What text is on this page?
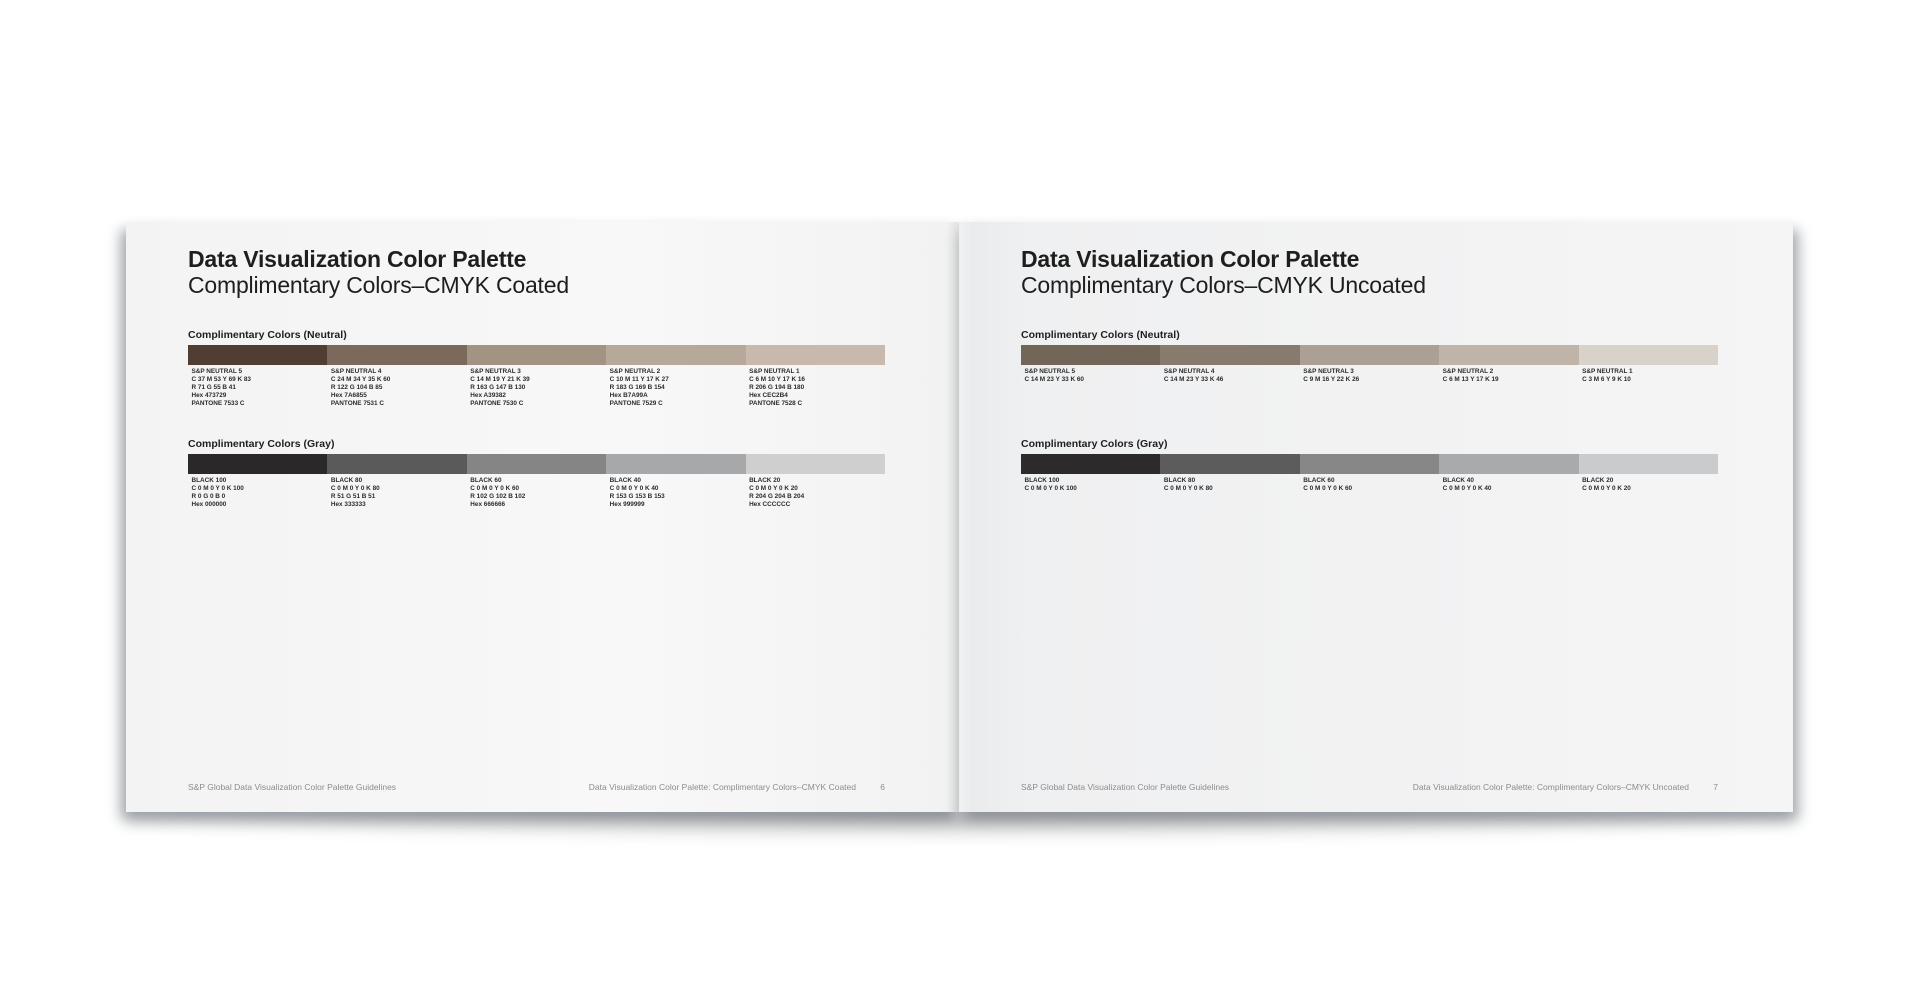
Data Visualization Color Palette
Complimentary Colors–CMYK Coated
Complimentary Colors (Neutral)
S&P NEUTRAL 5
C 37 M 53 Y 69 K 83
R 71 G 55 B 41
Hex 473729
PANTONE 7533 C
S&P NEUTRAL 4
C 24 M 34 Y 35 K 60
R 122 G 104 B 85
Hex 7A6855
PANTONE 7531 C
S&P NEUTRAL 3
C 14 M 19 Y 21 K 39
R 163 G 147 B 130
Hex A39382
PANTONE 7530 C
S&P NEUTRAL 2
C 10 M 11 Y 17 K 27
R 183 G 169 B 154
Hex B7A99A
PANTONE 7529 C
S&P NEUTRAL 1
C 6 M 10 Y 17 K 16
R 206 G 194 B 180
Hex CEC2B4
PANTONE 7528 C
Complimentary Colors (Gray)
BLACK 100
C 0 M 0 Y 0 K 100
R 0 G 0 B 0
Hex 000000
BLACK 80
C 0 M 0 Y 0 K 80
R 51 G 51 B 51
Hex 333333
BLACK 60
C 0 M 0 Y 0 K 60
R 102 G 102 B 102
Hex 666666
BLACK 40
C 0 M 0 Y 0 K 40
R 153 G 153 B 153
Hex 999999
BLACK 20
C 0 M 0 Y 0 K 20
R 204 G 204 B 204
Hex CCCCCC
S&P Global Data Visualization Color Palette Guidelines	Data Visualization Color Palette: Complimentary Colors–CMYK Coated	6
Data Visualization Color Palette
Complimentary Colors–CMYK Uncoated
Complimentary Colors (Neutral)
S&P NEUTRAL 5
C 14 M 23 Y 33 K 60
S&P NEUTRAL 4
C 14 M 23 Y 33 K 46
S&P NEUTRAL 3
C 9 M 16 Y 22 K 26
S&P NEUTRAL 2
C 6 M 13 Y 17 K 19
S&P NEUTRAL 1
C 3 M 6 Y 9 K 10
Complimentary Colors (Gray)
BLACK 100
C 0 M 0 Y 0 K 100
BLACK 80
C 0 M 0 Y 0 K 80
BLACK 60
C 0 M 0 Y 0 K 60
BLACK 40
C 0 M 0 Y 0 K 40
BLACK 20
C 0 M 0 Y 0 K 20
S&P Global Data Visualization Color Palette Guidelines	Data Visualization Color Palette: Complimentary Colors–CMYK Uncoated	7
